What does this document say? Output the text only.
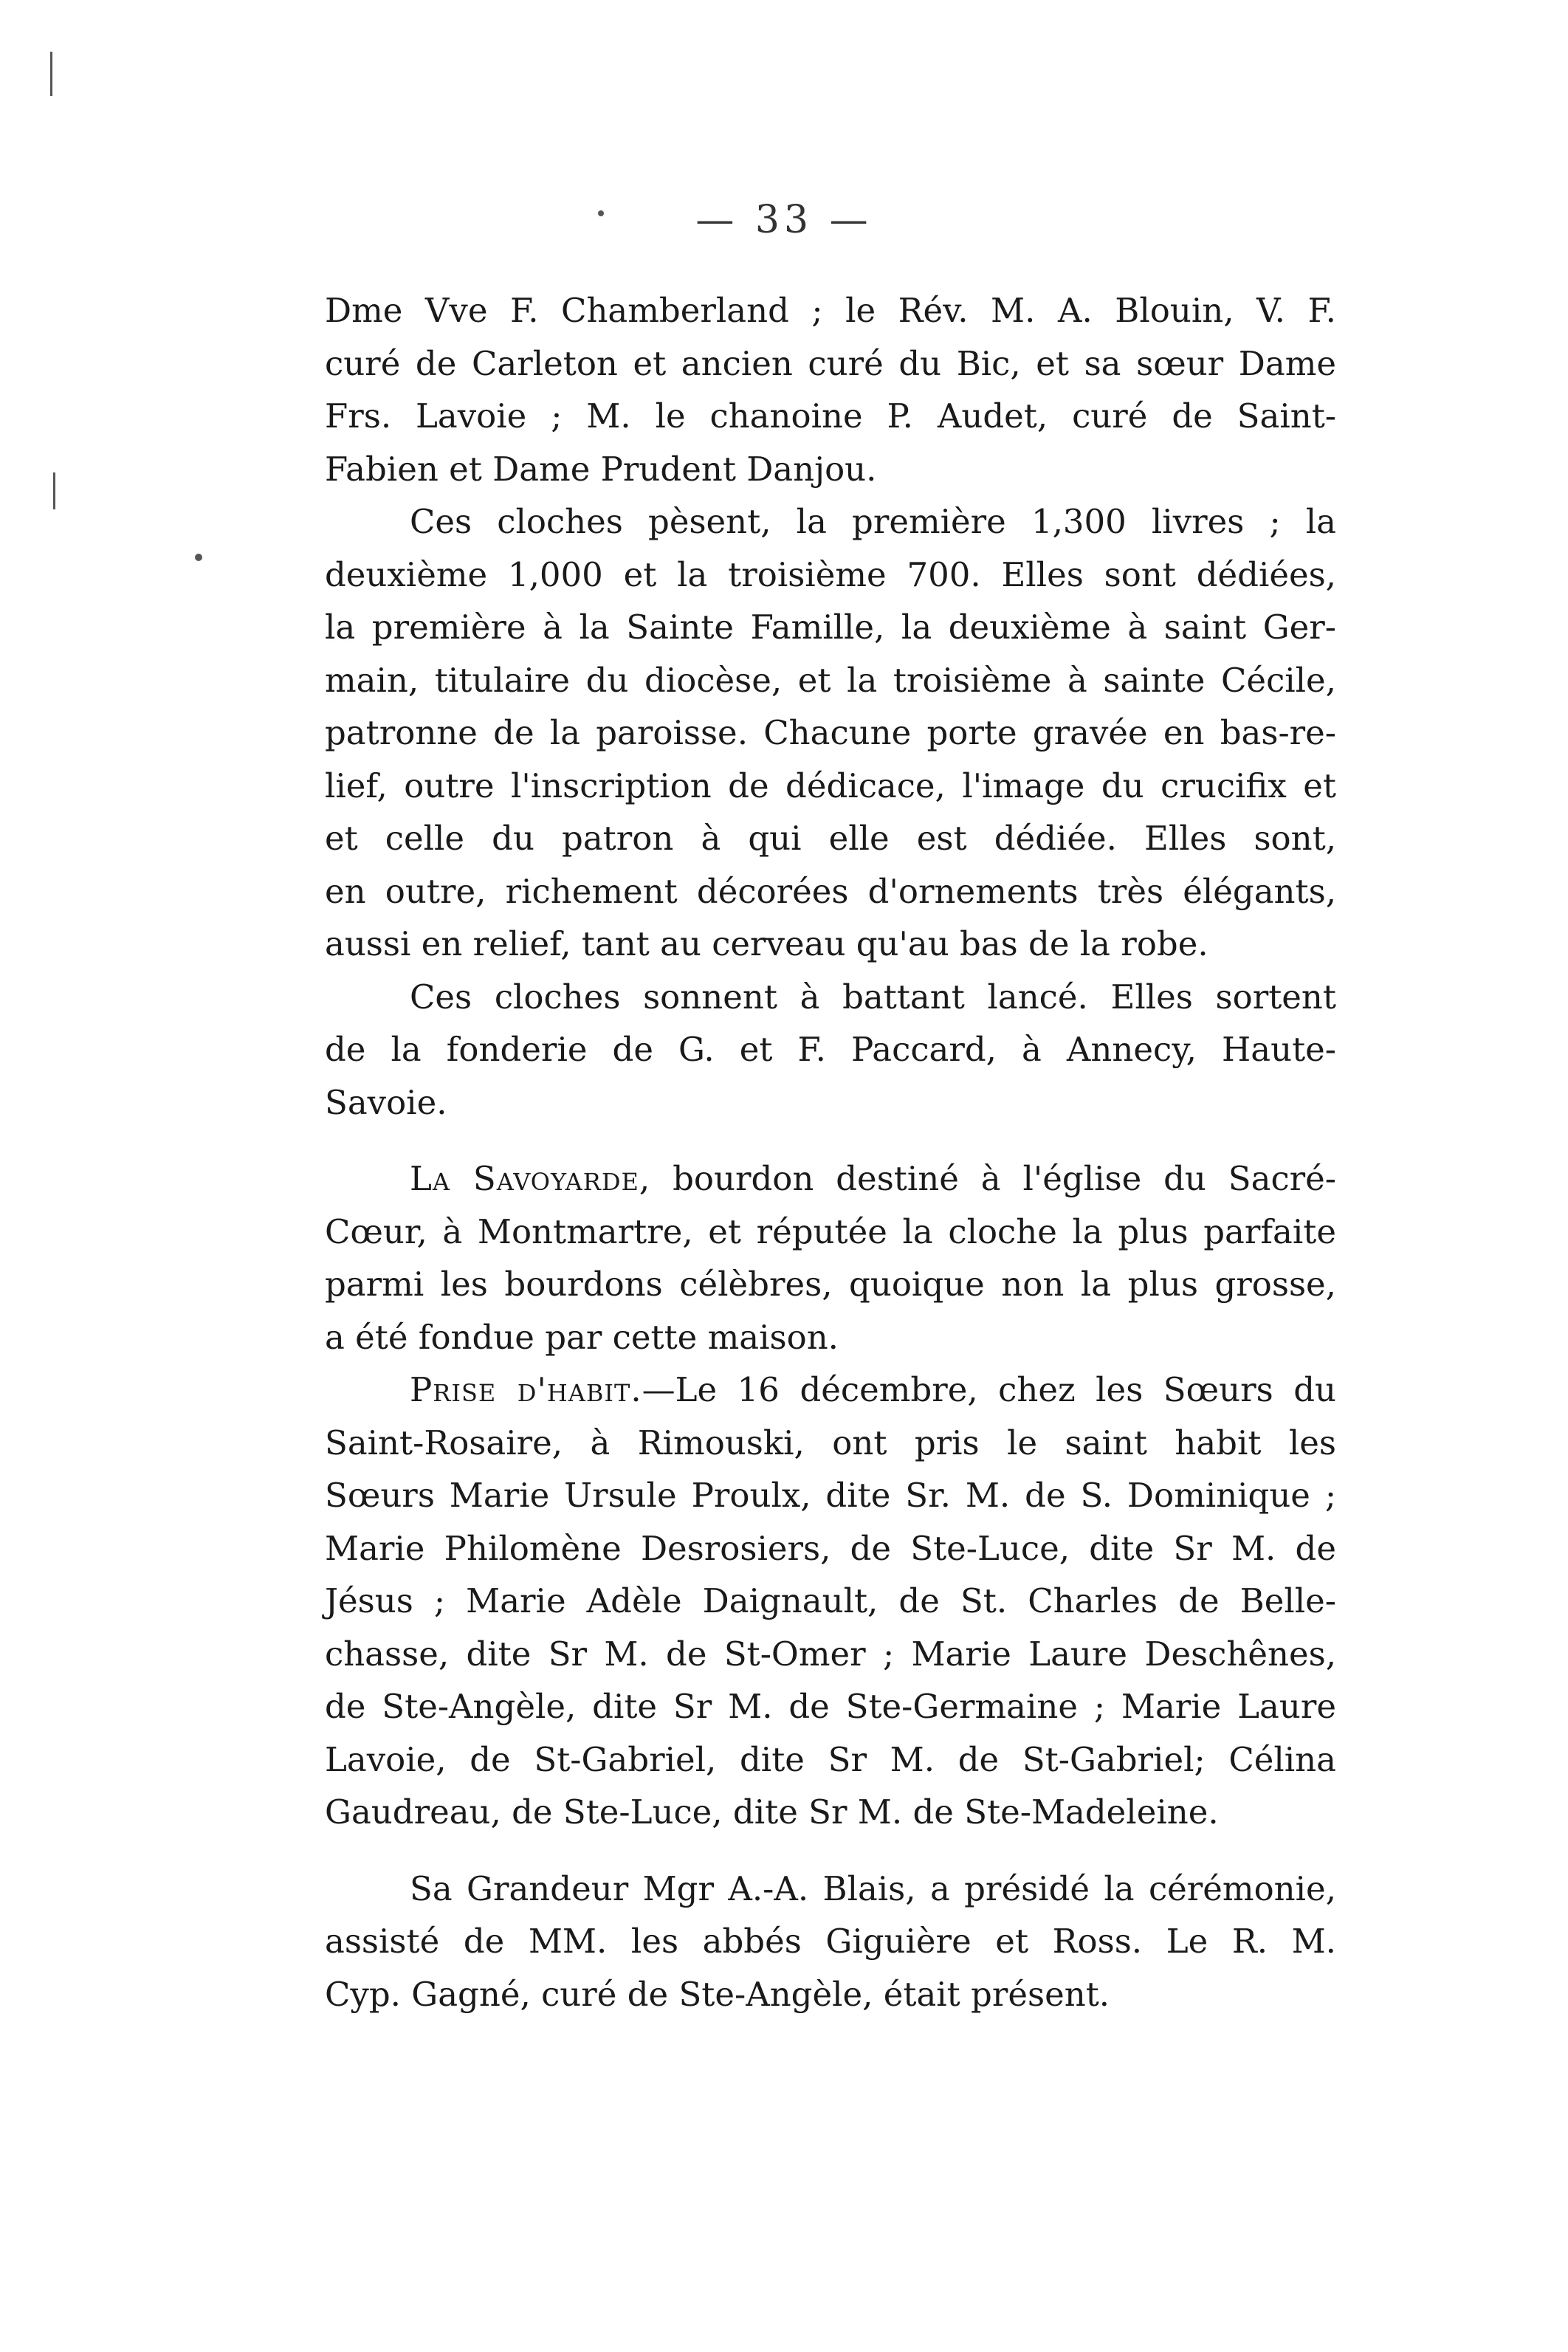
— 33 —
Dme Vve F. Chamberland ; le Rév. M. A. Blouin, V. F.
curé de Carleton et ancien curé du Bic, et sa sœur Dame
Frs. Lavoie ; M. le chanoine P. Audet, curé de Saint-
Fabien et Dame Prudent Danjou.
Ces cloches pèsent, la première 1,300 livres ; la
deuxième 1,000 et la troisième 700. Elles sont dédiées,
la première à la Sainte Famille, la deuxième à saint Ger-
main, titulaire du diocèse, et la troisième à sainte Cécile,
patronne de la paroisse. Chacune porte gravée en bas-re-
lief, outre l'inscription de dédicace, l'image du crucifix et
et celle du patron à qui elle est dédiée. Elles sont,
en outre, richement décorées d'ornements très élégants,
aussi en relief, tant au cerveau qu'au bas de la robe.
Ces cloches sonnent à battant lancé. Elles sortent
de la fonderie de G. et F. Paccard, à Annecy, Haute-
Savoie.
La Savoyarde, bourdon destiné à l'église du Sacré-
Cœur, à Montmartre, et réputée la cloche la plus parfaite
parmi les bourdons célèbres, quoique non la plus grosse,
a été fondue par cette maison.
Prise d'habit.—Le 16 décembre, chez les Sœurs du
Saint-Rosaire, à Rimouski, ont pris le saint habit les
Sœurs Marie Ursule Proulx, dite Sr. M. de S. Dominique ;
Marie Philomène Desrosiers, de Ste-Luce, dite Sr M. de
Jésus ; Marie Adèle Daignault, de St. Charles de Belle-
chasse, dite Sr M. de St-Omer ; Marie Laure Deschênes,
de Ste-Angèle, dite Sr M. de Ste-Germaine ; Marie Laure
Lavoie, de St-Gabriel, dite Sr M. de St-Gabriel; Célina
Gaudreau, de Ste-Luce, dite Sr M. de Ste-Madeleine.
Sa Grandeur Mgr A.-A. Blais, a présidé la cérémonie,
assisté de MM. les abbés Giguière et Ross. Le R. M.
Cyp. Gagné, curé de Ste-Angèle, était présent.
